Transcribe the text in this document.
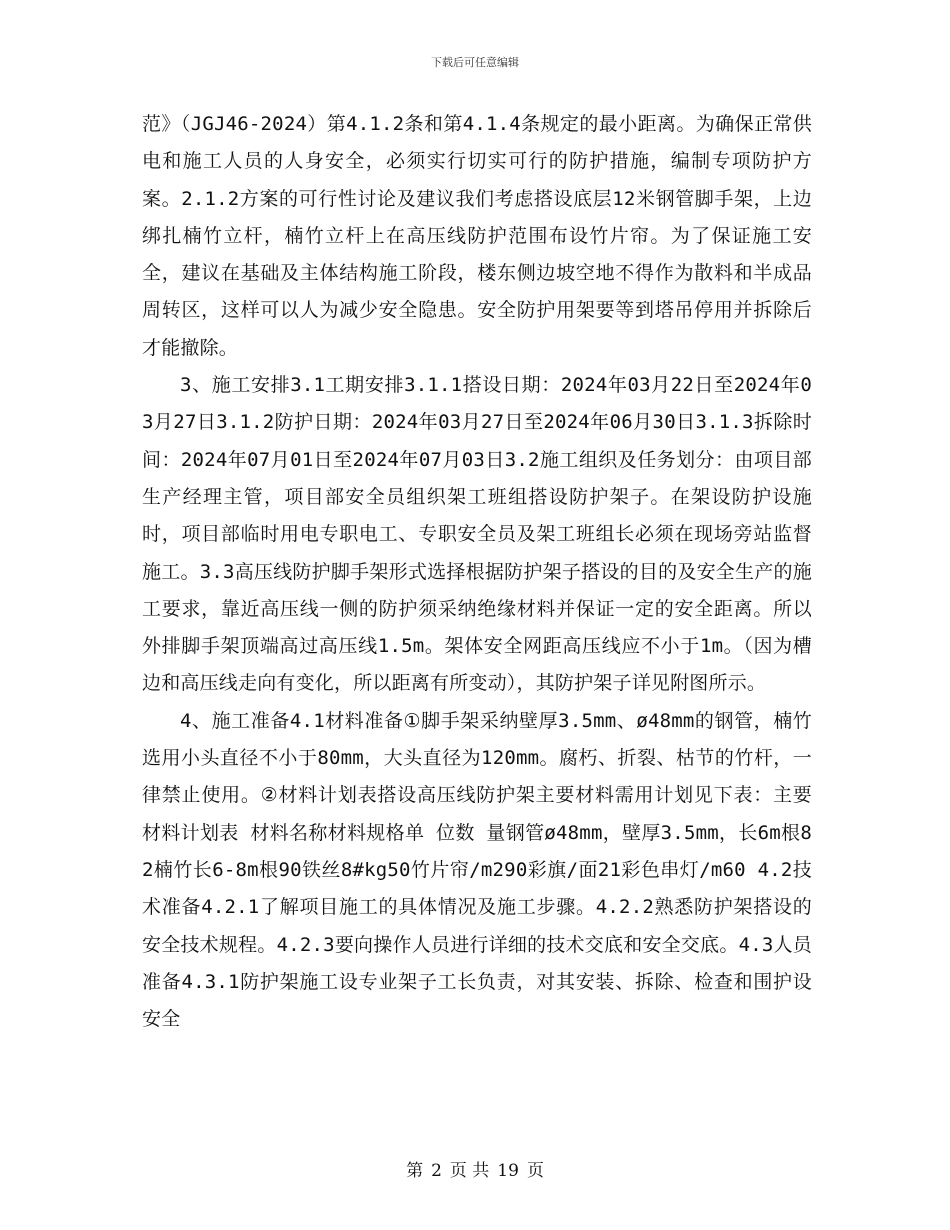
下载后可任意编辑

范》（JGJ46-2024）第4.1.2条和第4.1.4条规定的最小距离。为确保正常供电和施工人员的人身安全，必须实行切实可行的防护措施，编制专项防护方案。2.1.2方案的可行性讨论及建议我们考虑搭设底层12米钢管脚手架，上边绑扎楠竹立杆，楠竹立杆上在高压线防护范围布设竹片帘。为了保证施工安全，建议在基础及主体结构施工阶段，楼东侧边坡空地不得作为散料和半成品周转区，这样可以人为减少安全隐患。安全防护用架要等到塔吊停用并拆除后才能撤除。

3、施工安排3.1工期安排3.1.1搭设日期：2024年03月22日至2024年03月27日3.1.2防护日期：2024年03月27日至2024年06月30日3.1.3拆除时间：2024年07月01日至2024年07月03日3.2施工组织及任务划分：由项目部生产经理主管，项目部安全员组织架工班组搭设防护架子。在架设防护设施时，项目部临时用电专职电工、专职安全员及架工班组长必须在现场旁站监督施工。3.3高压线防护脚手架形式选择根据防护架子搭设的目的及安全生产的施工要求，靠近高压线一侧的防护须采纳绝缘材料并保证一定的安全距离。所以外排脚手架顶端高过高压线1.5m。架体安全网距高压线应不小于1m。（因为槽边和高压线走向有变化，所以距离有所变动），其防护架子详见附图所示。

4、施工准备4.1材料准备①脚手架采纳壁厚3.5mm、ø48mm的钢管，楠竹选用小头直径不小于80mm，大头直径为120mm。腐朽、折裂、枯节的竹杆，一律禁止使用。②材料计划表搭设高压线防护架主要材料需用计划见下表：主要材料计划表 材料名称材料规格单 位数 量钢管ø48mm，壁厚3.5mm，长6m根82楠竹长6-8m根90铁丝8#kg50竹片帘/m290彩旗/面21彩色串灯/m60 4.2技术准备4.2.1了解项目施工的具体情况及施工步骤。4.2.2熟悉防护架搭设的安全技术规程。4.2.3要向操作人员进行详细的技术交底和安全交底。4.3人员准备4.3.1防护架施工设专业架子工长负责，对其安装、拆除、检查和围护设安全

第 2 页 共 19 页
